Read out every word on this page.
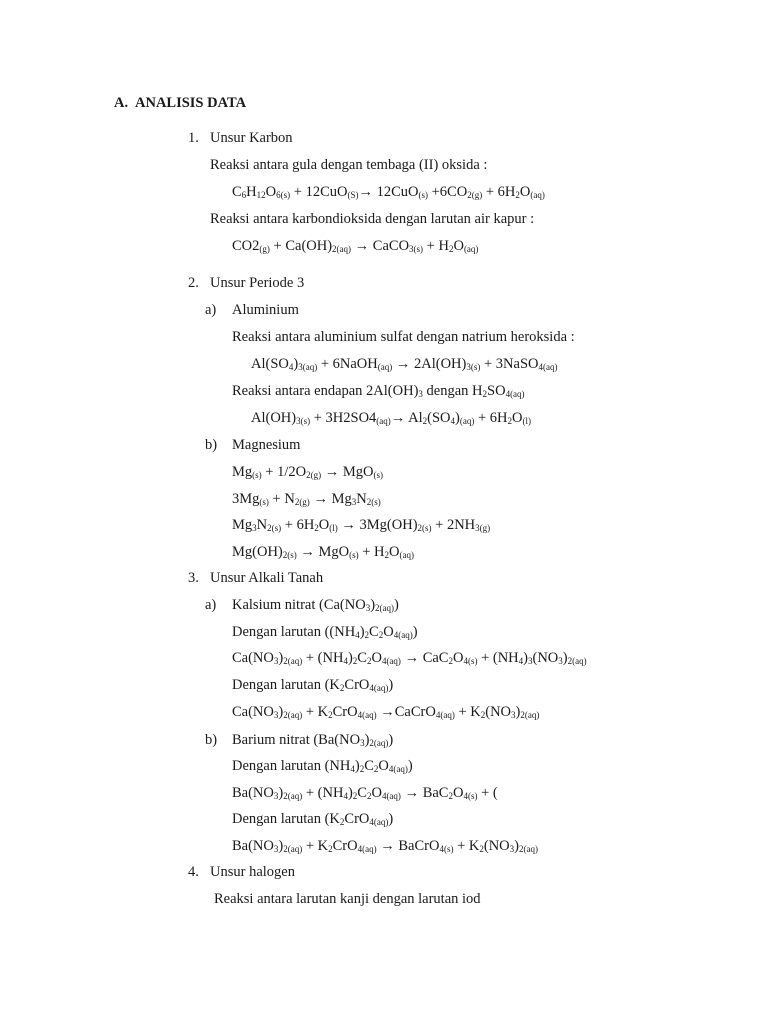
A. ANALISIS DATA
1. Unsur Karbon
Reaksi antara gula dengan tembaga (II) oksida :
$C_6H_{12}O_{6(s)} + 12CuO_{(S)}\to 12CuO_{(s)} +6CO_{2(g)} + 6H_2O_{(aq)}$
Reaksi antara karbondioksida dengan larutan air kapur :
$CO2_{(g)} + Ca(OH)_{2(aq)}$ → CaCO$_{3(s)}$ + $H_2O_{(aq)}$
2. Unsur Periode 3
a) Aluminium
Reaksi antara aluminium sulfat dengan natrium heroksida :
$Al(SO_4)_{3(aq)}$ + 6NaOH$_{(aq)}$ → $2Al(OH)_{3(s)}$ + 3NaSO$_{4(aq)}$
Reaksi antara endapan $2Al(OH)_3$ dengan $H_2SO_{4(aq)}$
$Al(OH)_{3(s)} + 3H2SO4_{(aq)}\to Al_2(SO_4)_{(aq)} + 6H_2O_{(l)}$
b) Magnesium
$Mg_{(s)} + 1/2O_{2(g)} \to MgO_{(s)}$
$3Mg_{(s)} + N_{2(g)} \to Mg_3N_{2(s)}$
$Mg_3N_{2(s)} + 6H_2O_{(l)} \to 3Mg(OH)_{2(s)} + 2NH_{3(g)}$
$Mg(OH)_{2(s)} \to MgO_{(s)} + H_2O_{(aq)}$
3. Unsur Alkali Tanah
a) Kalsium nitrat $(Ca(NO_3)_{2(aq)})$
Dengan larutan $((NH_4)_2C_2O_{4(aq)})$
$Ca(NO_3)_{2(aq)} + (NH_4)_2C_2O_{4(aq)} \to CaC_2O_{4(s)} + (NH_4)_3(NO_3)_{2(aq)}$
Dengan larutan $(K_2CrO_{4(aq)})$
$Ca(NO_3)_{2(aq)} + K_2CrO_{4(aq)}$ →CaCrO$_{4(aq)}$ + $K_2(NO_3)_{2(aq)}$
b) Barium nitrat $(Ba(NO_3)_{2(aq)})$
Dengan larutan $(NH_4)_2C_2O_{4(aq)}$)
$Ba(NO_3)_{2(aq)} + (NH_4)_2C_2O_{4(aq)} \to BaC_2O_{4(s)}$ + (
Dengan larutan $(K_2CrO_{4(aq)})$
$Ba(NO_3)_{2(aq)} + K_2CrO_{4(aq)}$ → BaCrO$_{4(s)}$ + $K_2(NO_3)_{2(aq)}$
4. Unsur halogen
Reaksi antara larutan kanji dengan larutan iod
